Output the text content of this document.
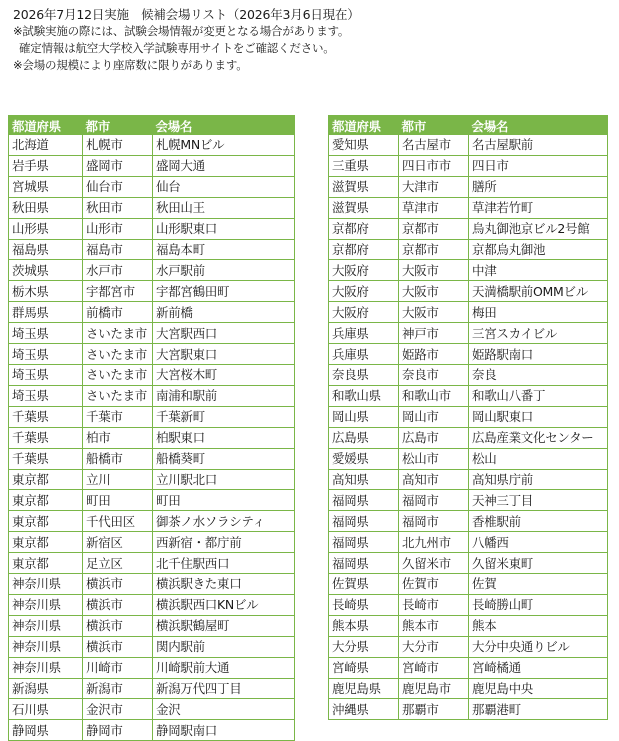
2026年7月12日実施　候補会場リスト（2026年3月6日現在）
※試験実施の際には、試験会場情報が変更となる場合があります。
確定情報は航空大学校入学試験専用サイトをご確認ください。
※会場の規模により座席数に限りがあります。
都道府県	都市	会場名
北海道	札幌市	札幌MNビル
岩手県	盛岡市	盛岡大通
宮城県	仙台市	仙台
秋田県	秋田市	秋田山王
山形県	山形市	山形駅東口
福島県	福島市	福島本町
茨城県	水戸市	水戸駅前
栃木県	宇都宮市	宇都宮鶴田町
群馬県	前橋市	新前橋
埼玉県	さいたま市	大宮駅西口
埼玉県	さいたま市	大宮駅東口
埼玉県	さいたま市	大宮桜木町
埼玉県	さいたま市	南浦和駅前
千葉県	千葉市	千葉新町
千葉県	柏市	柏駅東口
千葉県	船橋市	船橋葵町
東京都	立川	立川駅北口
東京都	町田	町田
東京都	千代田区	御茶ノ水ソラシティ
東京都	新宿区	西新宿・都庁前
東京都	足立区	北千住駅西口
神奈川県	横浜市	横浜駅きた東口
神奈川県	横浜市	横浜駅西口KNビル
神奈川県	横浜市	横浜駅鶴屋町
神奈川県	横浜市	関内駅前
神奈川県	川崎市	川崎駅前大通
新潟県	新潟市	新潟万代四丁目
石川県	金沢市	金沢
静岡県	静岡市	静岡駅南口
都道府県	都市	会場名
愛知県	名古屋市	名古屋駅前
三重県	四日市市	四日市
滋賀県	大津市	膳所
滋賀県	草津市	草津若竹町
京都府	京都市	烏丸御池京ビル2号館
京都府	京都市	京都烏丸御池
大阪府	大阪市	中津
大阪府	大阪市	天満橋駅前OMMビル
大阪府	大阪市	梅田
兵庫県	神戸市	三宮スカイビル
兵庫県	姫路市	姫路駅南口
奈良県	奈良市	奈良
和歌山県	和歌山市	和歌山八番丁
岡山県	岡山市	岡山駅東口
広島県	広島市	広島産業文化センター
愛媛県	松山市	松山
高知県	高知市	高知県庁前
福岡県	福岡市	天神三丁目
福岡県	福岡市	香椎駅前
福岡県	北九州市	八幡西
福岡県	久留米市	久留米東町
佐賀県	佐賀市	佐賀
長崎県	長崎市	長崎勝山町
熊本県	熊本市	熊本
大分県	大分市	大分中央通りビル
宮崎県	宮崎市	宮崎橘通
鹿児島県	鹿児島市	鹿児島中央
沖縄県	那覇市	那覇港町
